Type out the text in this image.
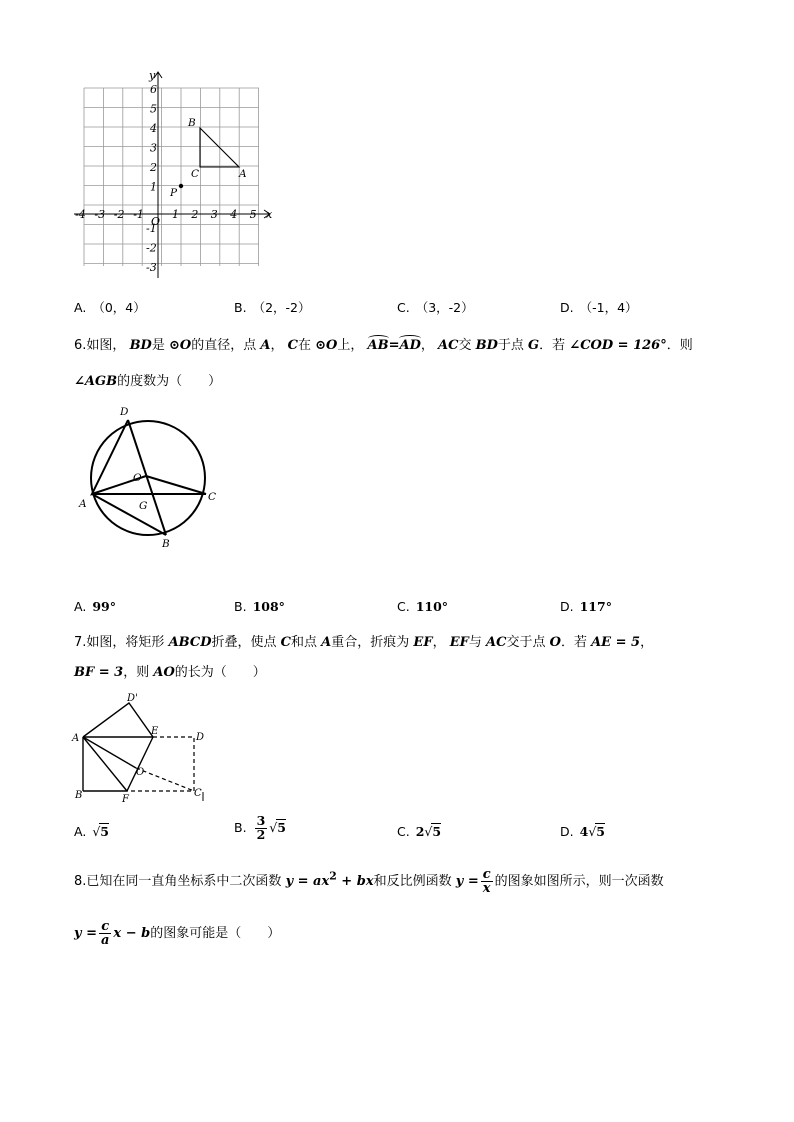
-4 -3 -2 -1	1 2 3 4 5
6
5
4
3
2
1
-1
-2
-3
x
y
O
B
C	A
P
A. （0，4）	B. （2，-2）	C. （3，-2）	D. （-1，4）
6.如图， BD是 ⊙O的直径，点 A， C在 ⊙O上， AB=AD， AC交 BD于点 G．若 ∠COD = 126°．则
∠AGB的度数为（　　）
D
O
A	G
C
B
A. 99°	B. 108°	C. 110°	D. 117°
7.如图，将矩形 ABCD折叠，使点 C和点 A重合，折痕为 EF， EF与 AC交于点 O．若 AE = 5，
BF = 3，则 AO的长为（　　）
D'
E
D
A
O
B	F
C
A. √5	B. $\frac{3}{2} √5$	C. 2√5	D. 4√5
8.已知在同一直角坐标系中二次函数 $y = ax^2$ + bx和反比例函数 $y = \frac{c}{x}$ 的图象如图所示，则一次函数
$y = \frac{c}{a}$ x − b的图象可能是（　　）
